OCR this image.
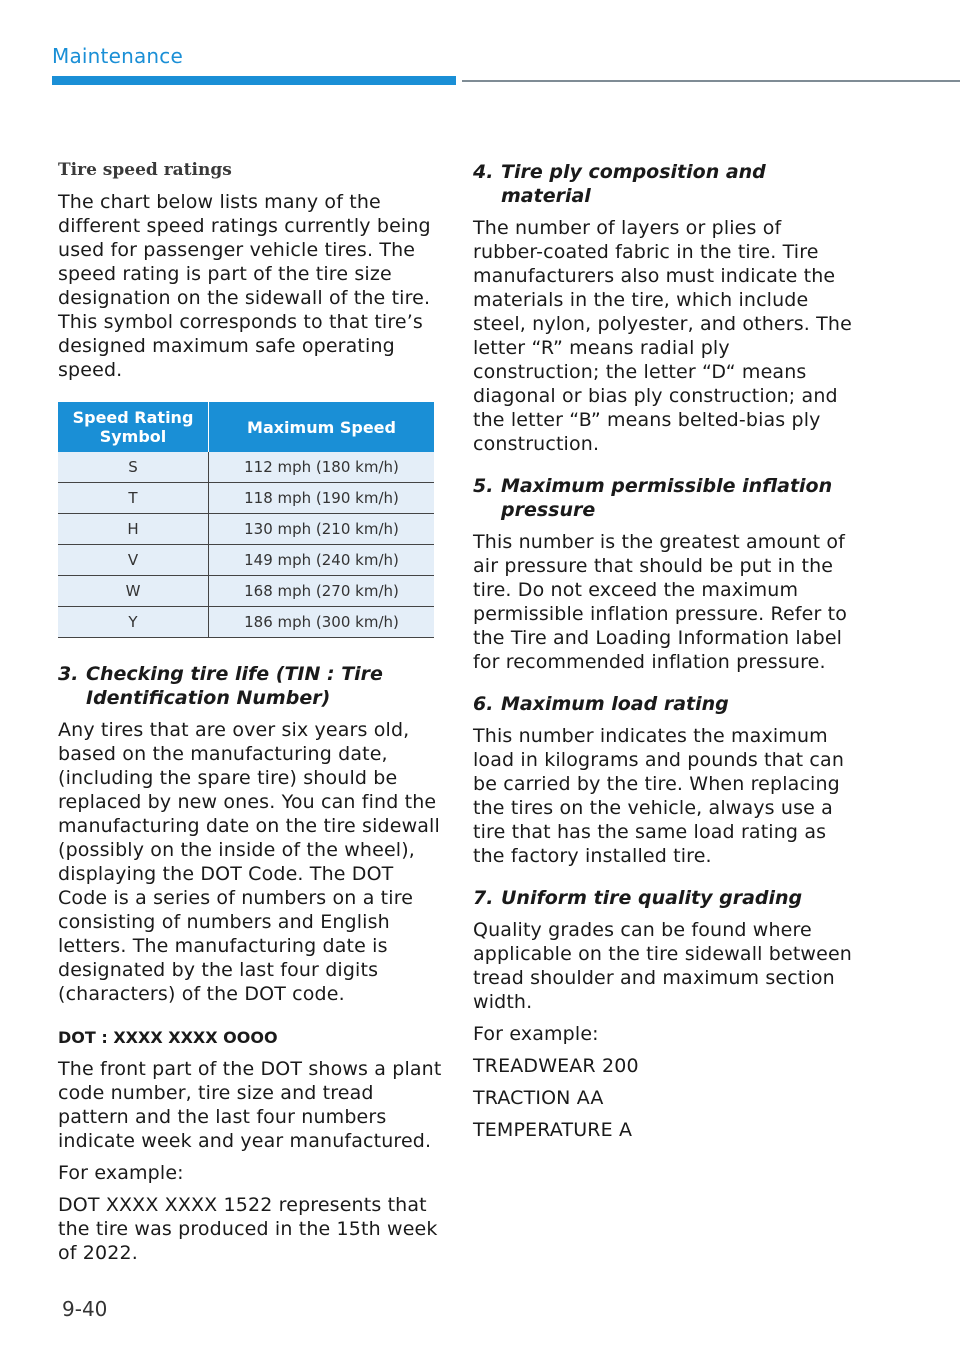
Maintenance
Tire speed ratings

The chart below lists many of the different speed ratings currently being used for passenger vehicle tires. The speed rating is part of the tire size designation on the sidewall of the tire. This symbol corresponds to that tire’s designed maximum safe operating speed.

Speed Rating Symbol	Maximum Speed
S	112 mph (180 km/h)
T	118 mph (190 km/h)
H	130 mph (210 km/h)
V	149 mph (240 km/h)
W	168 mph (270 km/h)
Y	186 mph (300 km/h)
3. Checking tire life (TIN : Tire Identification Number)

Any tires that are over six years old, based on the manufacturing date, (including the spare tire) should be replaced by new ones. You can find the manufacturing date on the tire sidewall (possibly on the inside of the wheel), displaying the DOT Code. The DOT Code is a series of numbers on a tire consisting of numbers and English letters. The manufacturing date is designated by the last four digits (characters) of the DOT code.

DOT : XXXX XXXX OOOO

The front part of the DOT shows a plant code number, tire size and tread pattern and the last four numbers indicate week and year manufactured.

For example:

DOT XXXX XXXX 1522 represents that the tire was produced in the 15th week of 2022.

4. Tire ply composition and material

The number of layers or plies of rubber-coated fabric in the tire. Tire manufacturers also must indicate the materials in the tire, which include steel, nylon, polyester, and others. The letter “R” means radial ply construction; the letter “D“ means diagonal or bias ply construction; and the letter “B” means belted-bias ply construction.

5. Maximum permissible inflation pressure

This number is the greatest amount of air pressure that should be put in the tire. Do not exceed the maximum permissible inflation pressure. Refer to the Tire and Loading Information label for recommended inflation pressure.

6. Maximum load rating

This number indicates the maximum load in kilograms and pounds that can be carried by the tire. When replacing the tires on the vehicle, always use a tire that has the same load rating as the factory installed tire.

7. Uniform tire quality grading

Quality grades can be found where applicable on the tire sidewall between tread shoulder and maximum section width.

For example:

TREADWEAR 200

TRACTION AA

TEMPERATURE A

9-40
